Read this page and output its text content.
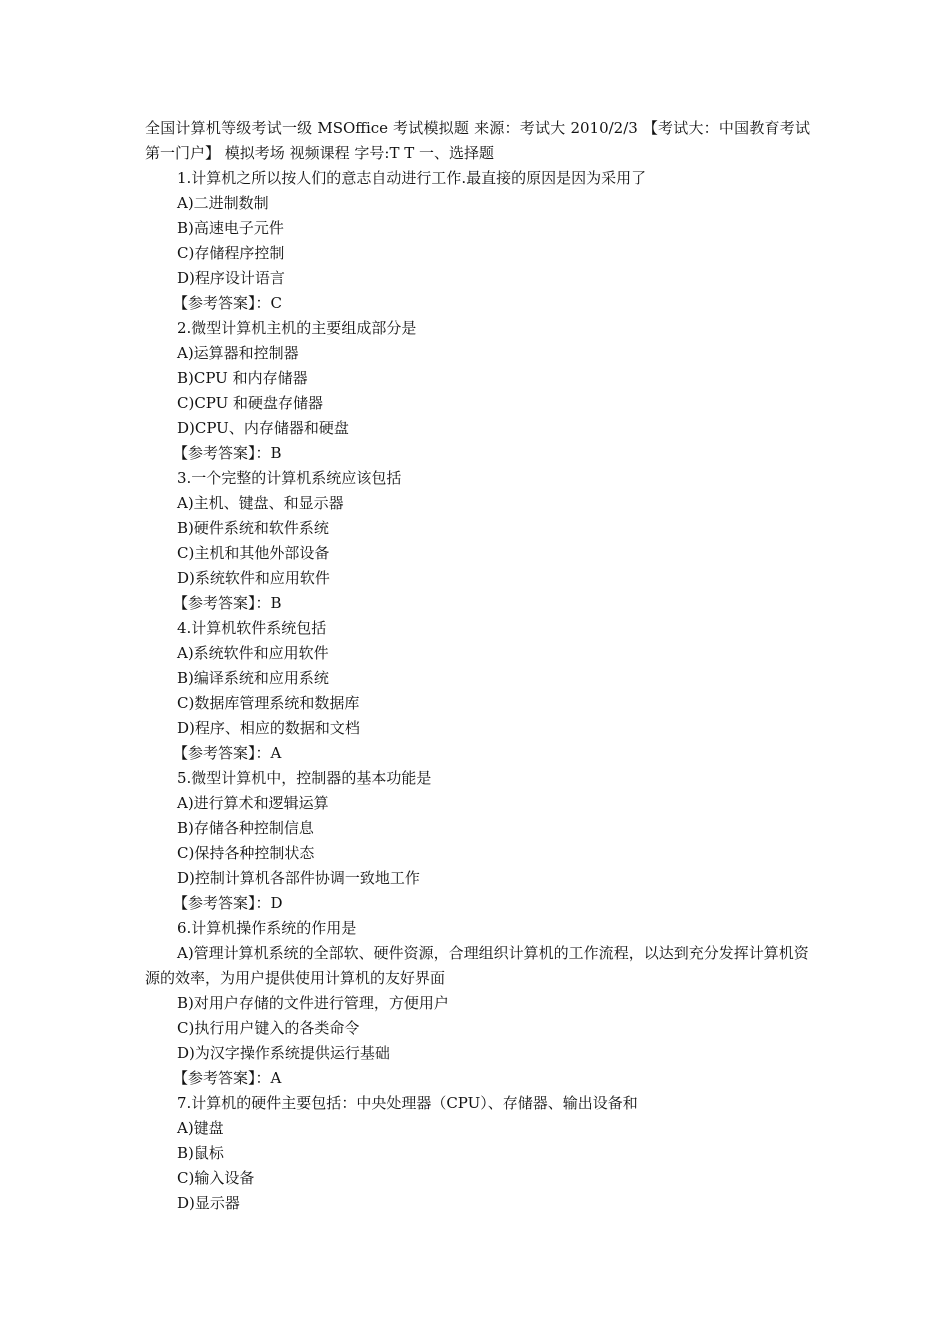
全国计算机等级考试一级 MSOffice 考试模拟题 来源：考试大 2010/2/3 【考试大：中国教育考试第一门户】 模拟考场 视频课程 字号:T T 一、选择题

1.计算机之所以按人们的意志自动进行工作.最直接的原因是因为采用了

A)二进制数制

B)高速电子元件

C)存储程序控制

D)程序设计语言

【参考答案】：C

2.微型计算机主机的主要组成部分是

A)运算器和控制器

B)CPU 和内存储器

C)CPU 和硬盘存储器

D)CPU、内存储器和硬盘

【参考答案】：B

3.一个完整的计算机系统应该包括

A)主机、键盘、和显示器

B)硬件系统和软件系统

C)主机和其他外部设备

D)系统软件和应用软件

【参考答案】：B

4.计算机软件系统包括

A)系统软件和应用软件

B)编译系统和应用系统

C)数据库管理系统和数据库

D)程序、相应的数据和文档

【参考答案】：A

5.微型计算机中，控制器的基本功能是

A)进行算术和逻辑运算

B)存储各种控制信息

C)保持各种控制状态

D)控制计算机各部件协调一致地工作

【参考答案】：D

6.计算机操作系统的作用是

A)管理计算机系统的全部软、硬件资源，合理组织计算机的工作流程，以达到充分发挥计算机资源的效率，为用户提供使用计算机的友好界面

B)对用户存储的文件进行管理，方便用户

C)执行用户键入的各类命令

D)为汉字操作系统提供运行基础

【参考答案】：A

7.计算机的硬件主要包括：中央处理器（CPU）、存储器、输出设备和

A)键盘

B)鼠标

C)输入设备

D)显示器
